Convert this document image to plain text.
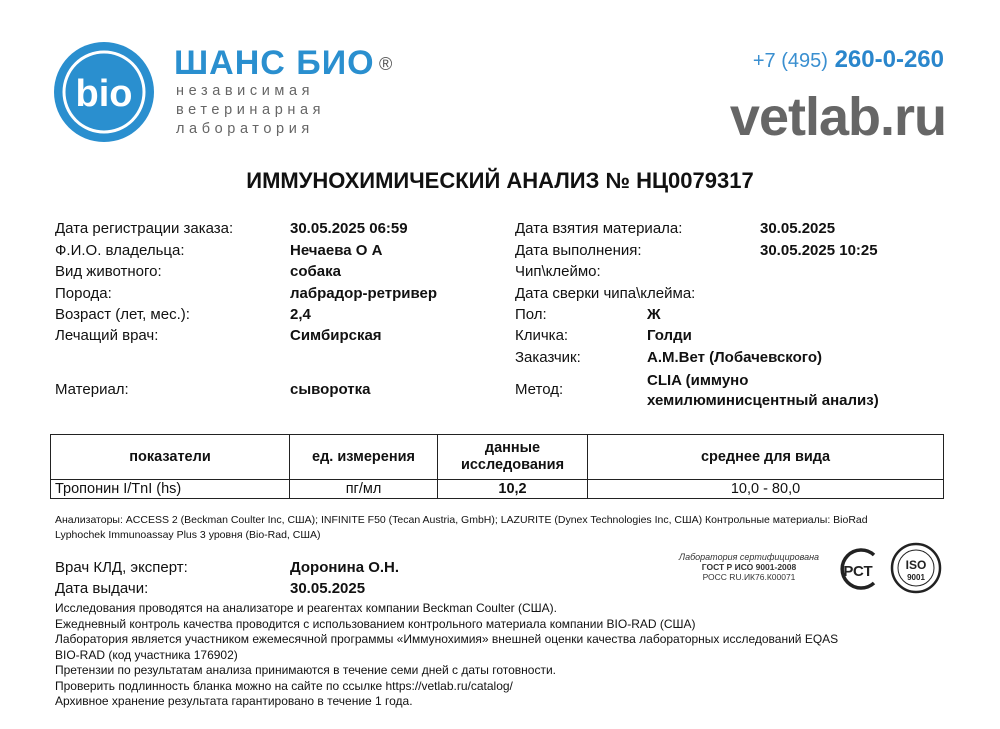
bio
ШАНС БИО ®
независимая
ветеринарная
лаборатория
+7 (495) 260-0-260
vetlab.ru
ИММУНОХИМИЧЕСКИЙ АНАЛИЗ № НЦ0079317
Дата регистрации заказа:	30.05.2025 06:59
Ф.И.О. владельца:	Нечаева О А
Вид животного:	собака
Порода:	лабрадор-ретривер
Возраст (лет, мес.):	2,4
Лечащий врач:	Симбирская
Материал:	сыворотка
Дата взятия материала:	30.05.2025
Дата выполнения:	30.05.2025 10:25
Чип\клеймо:
Дата сверки чипа\клейма:
Пол:	Ж
Кличка:	Голди
Заказчик:	А.М.Вет (Лобачевского)
Метод:
CLIA (иммуно
хемилюминисцентный анализ)
показатели	ед. измерения	данные
исследования	среднее для вида
Тропонин I/TnI (hs)	пг/мл	10,2	10,0 - 80,0
Анализаторы: ACCESS 2 (Beckman Coulter Inc, США); INFINITE F50 (Tecan Austria, GmbH); LAZURITE (Dynex Technologies Inc, США) Контрольные материалы: BioRad
Lyphochek Immunoassay Plus 3 уровня (Bio-Rad, США)
Врач КЛД, эксперт:	Доронина О.Н.
Дата выдачи:	30.05.2025
Лаборатория сертифицирована
ГОСТ Р ИСО 9001-2008
РОСС RU.ИК76.К00071	РСТ	ISO
9001
Исследования проводятся на анализаторе и реагентах компании Beckman Coulter (США).
Ежедневный контроль качества проводится с использованием контрольного материала компании BIO-RAD (США)
Лаборатория является участником ежемесячной программы «Иммунохимия» внешней оценки качества лабораторных исследований EQAS
BIO-RAD (код участника 176902)
Претензии по результатам анализа принимаются в течение семи дней с даты готовности.
Проверить подлинность бланка можно на сайте по ссылке https://vetlab.ru/catalog/
Архивное хранение результата гарантировано в течение 1 года.
